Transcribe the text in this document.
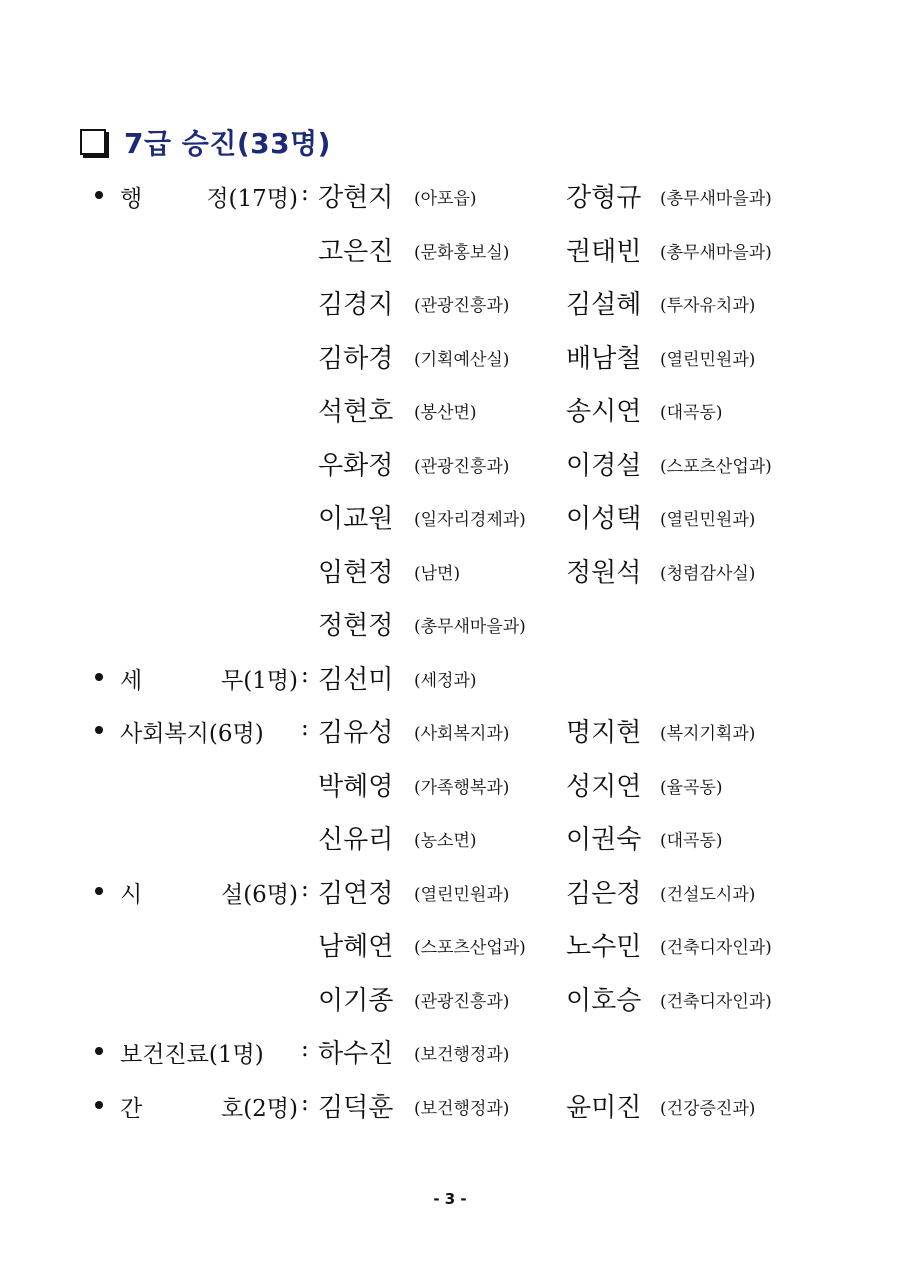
7급 승진(33명)
행	정(17명) : 강현지 (아포읍)	강형규 (총무새마을과)
고은진 (문화홍보실) 권태빈 (총무새마을과)
김경지 (관광진흥과) 김설혜 (투자유치과)
김하경 (기획예산실) 배남철 (열린민원과)
석현호 (봉산면)	송시연 (대곡동)
우화정 (관광진흥과) 이경설 (스포츠산업과)
이교원 (일자리경제과) 이성택 (열린민원과)
임현정 (남면)	정원석 (청렴감사실)
정현정 (총무새마을과)
세	무(1명) : 김선미 (세정과)
사회복지(6명) : 김유성 (사회복지과) 명지현 (복지기획과)
박혜영 (가족행복과) 성지연 (율곡동)
신유리 (농소면)	이권숙 (대곡동)
시	설(6명) : 김연정 (열린민원과) 김은정 (건설도시과)
남혜연 (스포츠산업과) 노수민 (건축디자인과)
이기종 (관광진흥과) 이호승 (건축디자인과)
보건진료(1명) : 하수진 (보건행정과)
간	호(2명) : 김덕훈 (보건행정과) 윤미진 (건강증진과)
- 3 -
